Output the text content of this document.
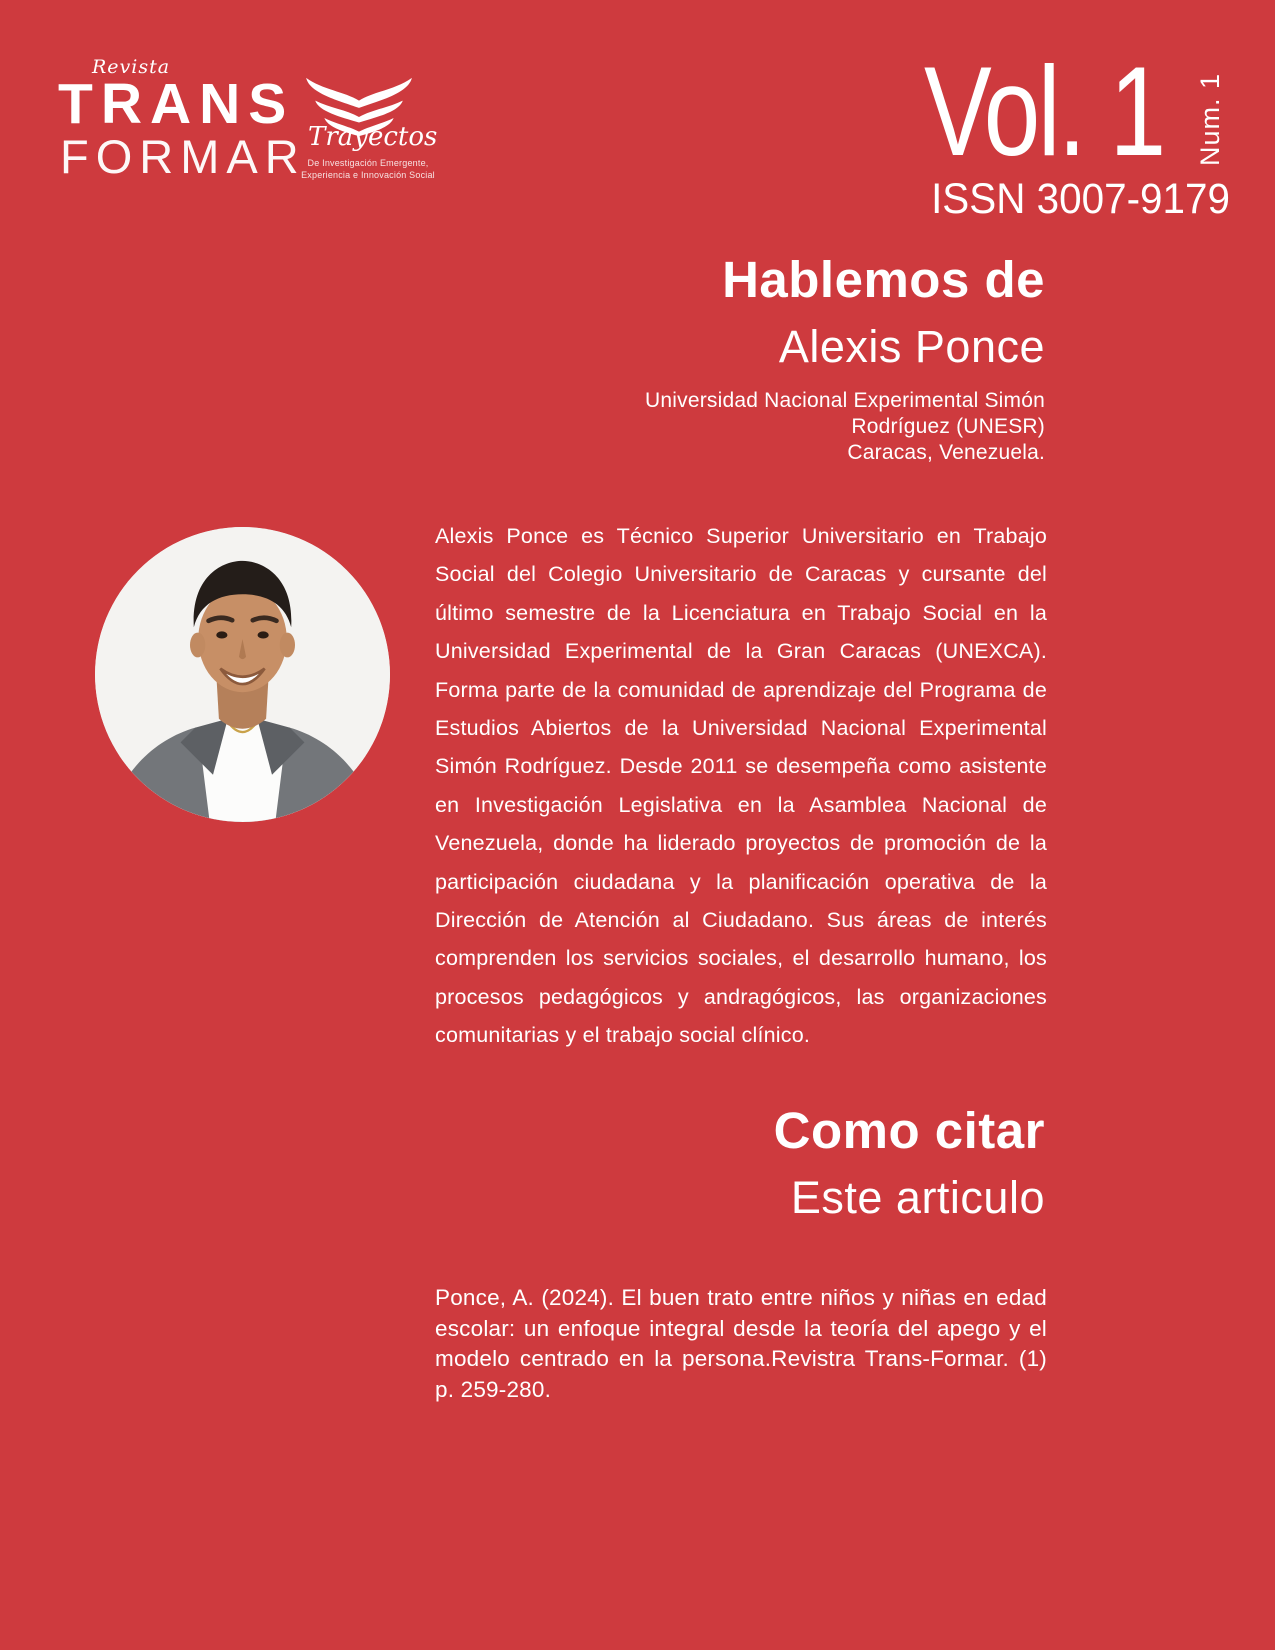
Revista
TRANS
FORMAR Trayectos
De Investigación Emergente,
Experiencia e Innovación Social	Vol. 1 Num. 1
ISSN 3007-9179
Hablemos de
Alexis Ponce
Universidad Nacional Experimental Simón
Rodríguez (UNESR)
Caracas, Venezuela.
Alexis Ponce es Técnico Superior Universitario en Trabajo Social del Colegio Universitario de Caracas y cursante del último semestre de la Licenciatura en Trabajo Social en la Universidad Experimental de la Gran Caracas (UNEXCA). Forma parte de la comunidad de aprendizaje del Programa de Estudios Abiertos de la Universidad Nacional Experimental Simón Rodríguez. Desde 2011 se desempeña como asistente en Investigación Legislativa en la Asamblea Nacional de Venezuela, donde ha liderado proyectos de promoción de la participación ciudadana y la planificación operativa de la Dirección de Atención al Ciudadano. Sus áreas de interés comprenden los servicios sociales, el desarrollo humano, los procesos pedagógicos y andragógicos, las organizaciones comunitarias y el trabajo social clínico.
Como citar
Este articulo
Ponce, A. (2024). El buen trato entre niños y niñas en edad escolar: un enfoque integral desde la teoría del apego y el modelo centrado en la persona.Revistra Trans-Formar. (1) p. 259-280.
